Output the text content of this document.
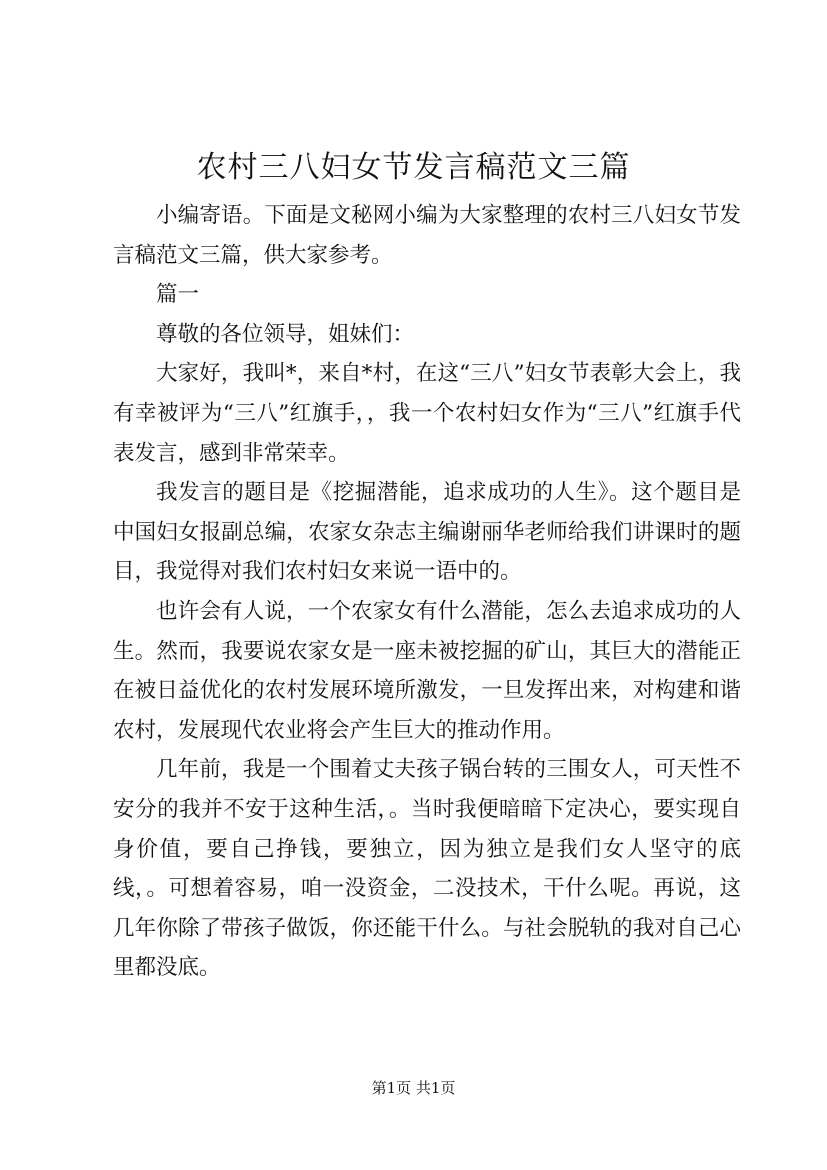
农村三八妇女节发言稿范文三篇

小编寄语。下面是文秘网小编为大家整理的农村三八妇女节发言稿范文三篇，供大家参考。

篇一

尊敬的各位领导，姐妹们：

大家好，我叫*，来自*村，在这“三八”妇女节表彰大会上，我有幸被评为“三八”红旗手，，我一个农村妇女作为“三八”红旗手代表发言，感到非常荣幸。

我发言的题目是《挖掘潜能，追求成功的人生》。这个题目是中国妇女报副总编，农家女杂志主编谢丽华老师给我们讲课时的题目，我觉得对我们农村妇女来说一语中的。

也许会有人说，一个农家女有什么潜能，怎么去追求成功的人生。然而，我要说农家女是一座未被挖掘的矿山，其巨大的潜能正在被日益优化的农村发展环境所激发，一旦发挥出来，对构建和谐农村，发展现代农业将会产生巨大的推动作用。

几年前，我是一个围着丈夫孩子锅台转的三围女人，可天性不安分的我并不安于这种生活，。当时我便暗暗下定决心，要实现自身价值，要自己挣钱，要独立，因为独立是我们女人坚守的底线，。可想着容易，咱一没资金，二没技术，干什么呢。再说，这几年你除了带孩子做饭，你还能干什么。与社会脱轨的我对自己心里都没底。

第1页 共1页
